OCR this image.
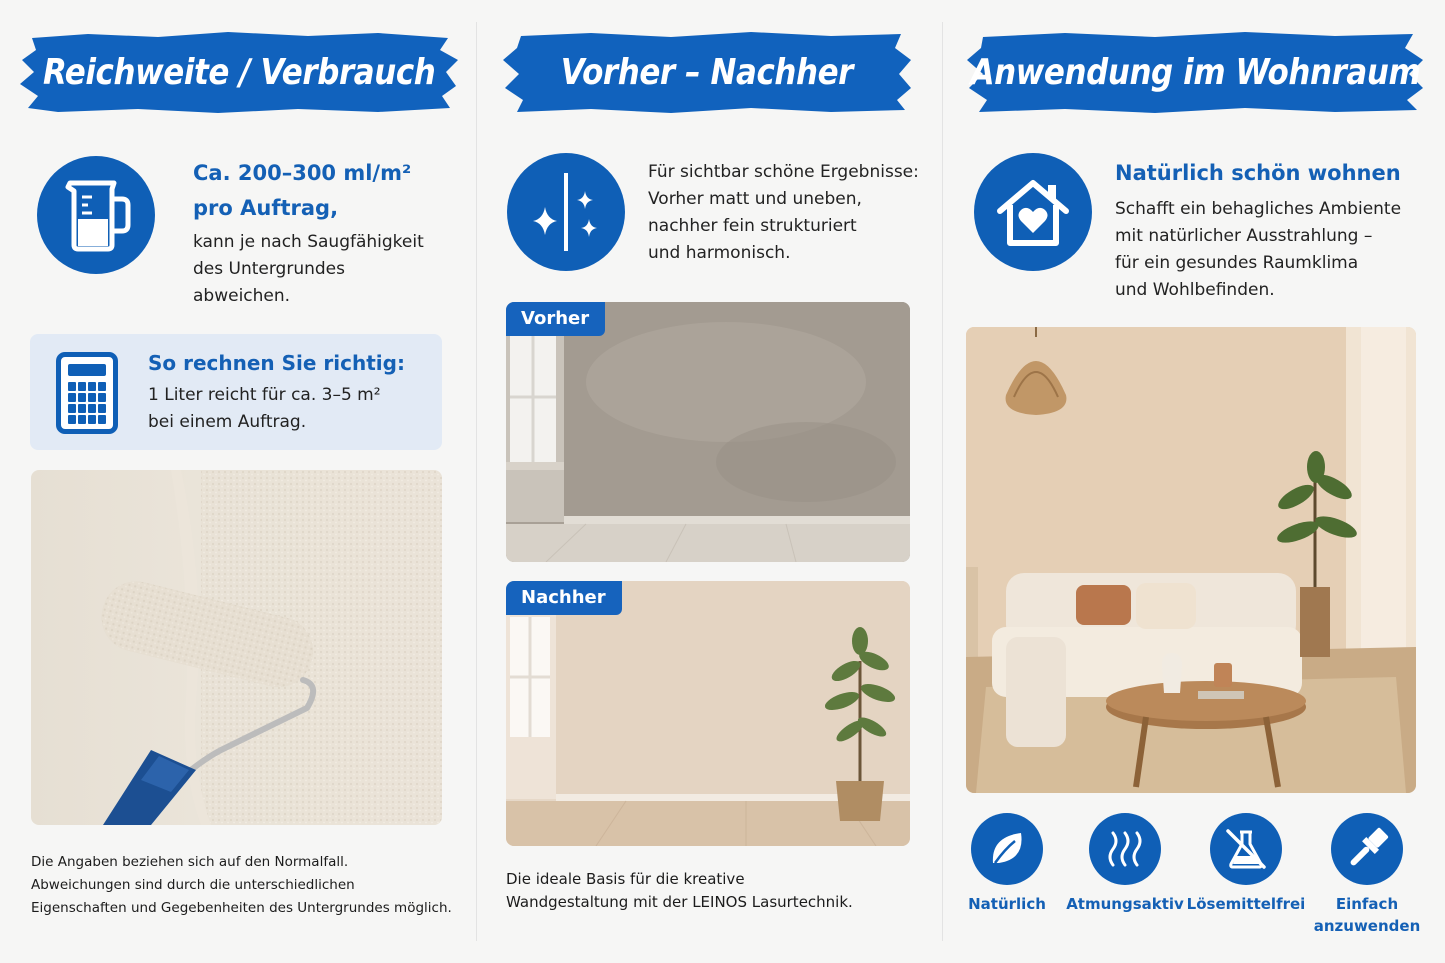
Reichweite / Verbrauch
Ca. 200–300 ml/m²
pro Auftrag,
kann je nach Saugfähigkeit
des Untergrundes
abweichen.
So rechnen Sie richtig:
1 Liter reicht für ca. 3–5 m²
bei einem Auftrag.
Die Angaben beziehen sich auf den Normalfall.
Abweichungen sind durch die unterschiedlichen
Eigenschaften und Gegebenheiten des Untergrundes möglich.
Vorher – Nachher
Für sichtbar schöne Ergebnisse:
Vorher matt und uneben,
nachher fein strukturiert
und harmonisch.
Vorher
Nachher
Die ideale Basis für die kreative
Wandgestaltung mit der LEINOS Lasurtechnik.
Anwendung im Wohnraum
Natürlich schön wohnen
Schafft ein behagliches Ambiente
mit natürlicher Ausstrahlung –
für ein gesundes Raumklima
und Wohlbefinden.
Natürlich	Atmungsaktiv Lösemittelfrei	Einfach
anzuwenden
